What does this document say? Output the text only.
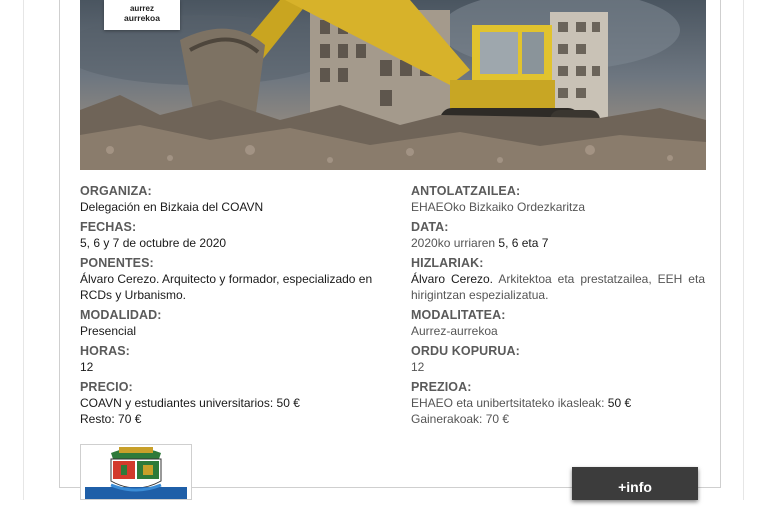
aurrez
aurrekoa
ORGANIZA:
Delegación en Bizkaia del COAVN
FECHAS:
5, 6 y 7 de octubre de 2020
PONENTES:
Álvaro Cerezo. Arquitecto y formador, especializado en RCDs y Urbanismo.
MODALIDAD:
Presencial
HORAS:
12
PRECIO:
COAVN y estudiantes universitarios: 50 €
Resto: 70 €
ANTOLATZAILEA:
EHAEOko Bizkaiko Ordezkaritza
DATA:
2020ko urriaren 5, 6 eta 7
HIZLARIAK:
Álvaro Cerezo. Arkitektoa eta prestatzailea, EEH eta hirigintzan espezializatua.
MODALITATEA:
Aurrez-aurrekoa
ORDU KOPURUA:
12
PREZIOA:
EHAEO eta unibertsitateko ikasleak: 50 €
Gainerakoak: 70 €
+info
